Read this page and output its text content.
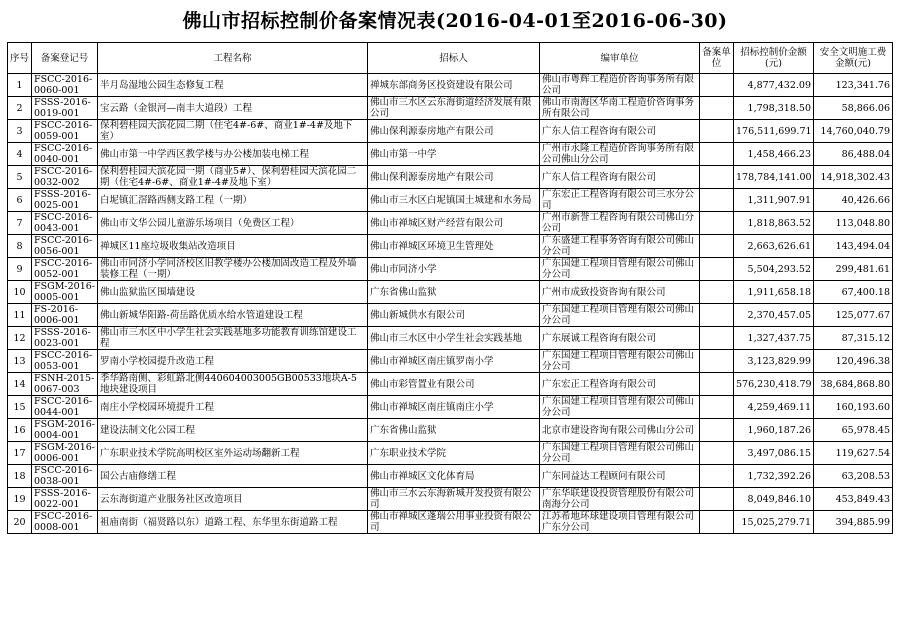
佛山市招标控制价备案情况表(2016-04-01至2016-06-30)
序号	备案登记号	工程名称	招标人	编审单位	备案单位	招标控制价金额(元)	安全文明施工费金额(元)
1	FSCC-2016-0060-001	半月岛湿地公园生态修复工程	禅城东部商务区投资建设有限公司	佛山市粤辉工程造价咨询事务所有限公司		4,877,432.09	123,341.76
2	FSSS-2016-0019-001	宝云路（金银河—南丰大道段）工程	佛山市三水区云东海街道经济发展有限公司	佛山市南海区华南工程造价咨询事务所有限公司		1,798,318.50	58,866.06
3	FSCC-2016-0059-001	保利碧桂园天滨花园二期（住宅4#-6#、商业1#-4#及地下室）	佛山保利源泰房地产有限公司	广东人信工程咨询有限公司		176,511,699.71	14,760,040.79
4	FSCC-2016-0040-001	佛山市第一中学西区教学楼与办公楼加装电梯工程	佛山市第一中学	广州市永隆工程造价咨询事务所有限公司佛山分公司		1,458,466.23	86,488.04
5	FSCC-2016-0032-002	保利碧桂园天滨花园一期（商业5#）、保利碧桂园天滨花园二期（住宅4#-6#、商业1#-4#及地下室）	佛山保利源泰房地产有限公司	广东人信工程咨询有限公司		178,784,141.00	14,918,302.43
6	FSSS-2016-0025-001	白坭镇汇滘路西侧支路工程（一期）	佛山市三水区白坭镇国土城建和水务局	广东宏正工程咨询有限公司三水分公司		1,311,907.91	40,426.66
7	FSCC-2016-0043-001	佛山市文华公园儿童游乐场项目（免费区工程）	佛山市禅城区财产经营有限公司	广州市新誉工程咨询有限公司佛山分公司		1,818,863.52	113,048.80
8	FSCC-2016-0056-001	禅城区11座垃圾收集站改造项目	佛山市禅城区环境卫生管理处	广东盛建工程事务咨询有限公司佛山分公司		2,663,626.61	143,494.04
9	FSCC-2016-0052-001	佛山市同济小学同济校区旧教学楼办公楼加固改造工程及外墙装修工程（一期）	佛山市同济小学	广东国建工程项目管理有限公司佛山分公司		5,504,293.52	299,481.61
10	FSGM-2016-0005-001	佛山监狱监区围墙建设	广东省佛山监狱	广州市成致投资咨询有限公司		1,911,658.18	67,400.18
11	FS-2016-0006-001	佛山新城华阳路-荷岳路优质水给水管道建设工程	佛山新城供水有限公司	广东国建工程项目管理有限公司佛山分公司		2,370,457.05	125,077.67
12	FSSS-2016-0023-001	佛山市三水区中小学生社会实践基地多功能教育训练馆建设工程	佛山市三水区中小学生社会实践基地	广东展诚工程咨询有限公司		1,327,437.75	87,315.12
13	FSCC-2016-0053-001	罗南小学校园提升改造工程	佛山市禅城区南庄镇罗南小学	广东国建工程项目管理有限公司佛山分公司		3,123,829.99	120,496.38
14	FSNH-2015-0067-003	季华路南侧、彩虹路北侧440604003005GB00533地块A-5地块建设项目	佛山市彩管置业有限公司	广东宏正工程咨询有限公司		576,230,418.79	38,684,868.80
15	FSCC-2016-0044-001	南庄小学校园环境提升工程	佛山市禅城区南庄镇南庄小学	广东国建工程项目管理有限公司佛山分公司		4,259,469.11	160,193.60
16	FSGM-2016-0004-001	建设法制文化公园工程	广东省佛山监狱	北京市建设咨询有限公司佛山分公司		1,960,187.26	65,978.45
17	FSGM-2016-0006-001	广东职业技术学院高明校区室外运动场翻新工程	广东职业技术学院	广东国建工程项目管理有限公司佛山分公司		3,497,086.15	119,627.54
18	FSCC-2016-0038-001	国公古庙修缮工程	佛山市禅城区文化体育局	广东同益达工程顾问有限公司		1,732,392.26	63,208.53
19	FSSS-2016-0022-001	云东海街道产业服务社区改造项目	佛山市三水云东海新城开发投资有限公司	广东华联建设投资管理股份有限公司南海分公司		8,049,846.10	453,849.43
20	FSCC-2016-0008-001	祖庙南街（福贤路以东）道路工程、东华里东街道路工程	佛山市禅城区蓬瑞公用事业投资有限公司	江苏希地环球建设项目管理有限公司广东分公司		15,025,279.71	394,885.99
